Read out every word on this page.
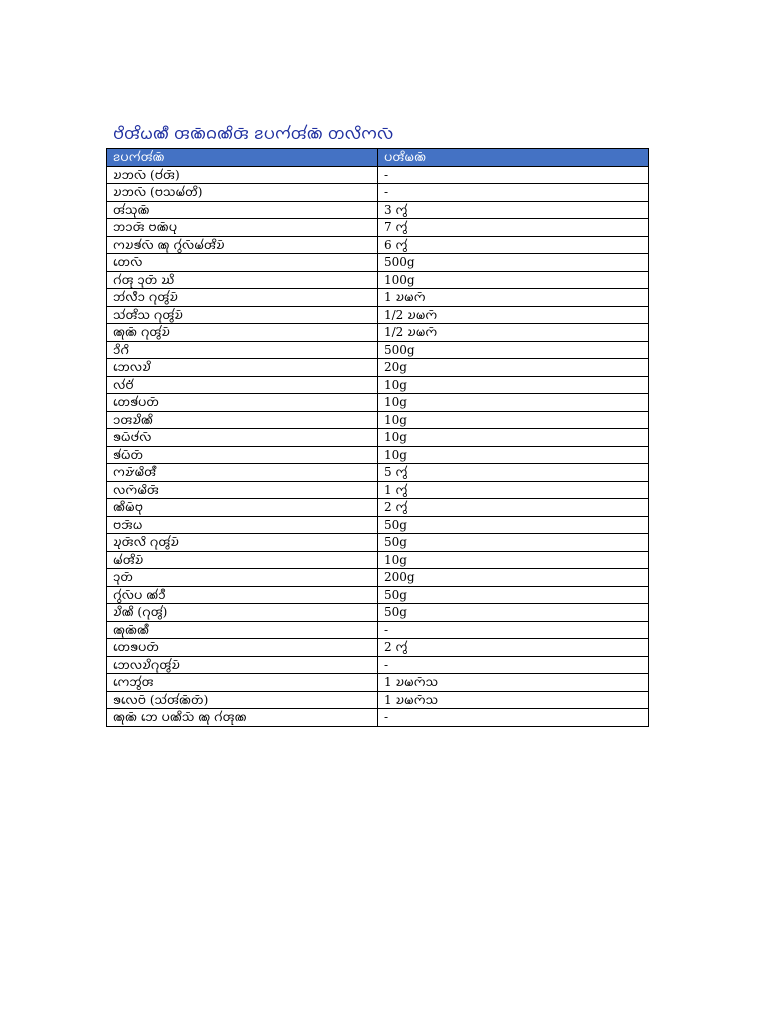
𑄝𑄨𑄢𑄨𑄠𑄚𑄩 𑄢𑄚𑄴𑄙𑄚𑄨𑄢𑄴 𑄅𑄛𑄇𑄧𑄢𑄧𑄚𑄴 𑄖𑄣𑄨𑄇𑄣𑄴
𑄅𑄛𑄇𑄧𑄢𑄧𑄚𑄴	𑄛𑄢𑄨𑄟𑄚𑄴
𑄌𑄃𑄣𑄴 (𑄝𑄧𑄢𑄴)	-
𑄌𑄃𑄣𑄴 (𑄝𑄥𑄟𑄧𑄖𑄨)	-
𑄢𑄧𑄥𑄪𑄚𑄴	3 𑄇𑄮
𑄃𑄘𑄢𑄴 𑄝𑄚𑄴𑄛𑄪	7 𑄇𑄮
𑄇𑄌𑄎𑄧𑄣𑄴 𑄚𑄪 𑄉𑄮𑄣𑄴𑄟𑄧𑄢𑄨𑄌𑄴	6 𑄇𑄮
𑄖𑄬𑄣𑄴	500g
𑄉𑄧𑄢𑄪 𑄘𑄪𑄖𑄴 𑄊𑄨	100g
𑄃𑄧𑄣𑄩𑄘 𑄉𑄪𑄢𑄮𑄌𑄴	1 𑄌𑄟𑄇𑄴
𑄥𑄧𑄢𑄨𑄥 𑄉𑄪𑄢𑄮𑄌𑄴	1/2 𑄌𑄟𑄇𑄴
𑄚𑄪𑄚𑄴 𑄉𑄪𑄢𑄮𑄌𑄴	1/2 𑄌𑄟𑄇𑄴
𑄘𑄨𑄉𑄨	500g
𑄃𑄬𑄣𑄌𑄨	20g
𑄣𑄧𑄝𑄧𑄁	10g
𑄖𑄬𑄎𑄧𑄛𑄖𑄴	10g
𑄘𑄢𑄌𑄨𑄚𑄨	10g
𑄎𑄠𑄴𑄜𑄧𑄣𑄴	10g
𑄎𑄧𑄠𑄴𑄖𑄴	10g
𑄇𑄏𑄴𑄟𑄨𑄢𑄩	5 𑄇𑄮
𑄣𑄇𑄴𑄟𑄨𑄢𑄴	1 𑄇𑄮
𑄚𑄨𑄟𑄴𑄝𑄪	2 𑄇𑄮
𑄝𑄞𑄴𑄠	50g
𑄌𑄪𑄢𑄴𑄣𑄨 𑄉𑄪𑄢𑄮𑄌𑄴	50g
𑄟𑄧𑄢𑄨𑄌𑄴	10g
𑄘𑄪𑄖𑄴	200g
𑄉𑄮𑄣𑄴𑄛 𑄚𑄧𑄘𑄩	50g
𑄌𑄨𑄚𑄨 (𑄉𑄪𑄢𑄮)	50g
𑄚𑄪𑄚𑄴𑄚𑄩	-
𑄖𑄬𑄎𑄛𑄖𑄴	2 𑄇𑄮
𑄃𑄬𑄣𑄌𑄨𑄉𑄪𑄢𑄮𑄌𑄴	-
𑄇𑄬𑄃𑄮𑄢	1 𑄌𑄟𑄇𑄴𑄥
𑄎𑄣𑄬𑄝𑄴 (𑄥𑄧𑄢𑄧𑄚𑄴𑄖𑄴)	1 𑄌𑄟𑄇𑄴𑄥
𑄚𑄪𑄚𑄴 𑄃𑄬 𑄛𑄚𑄨𑄥𑄴 𑄚𑄪 𑄉𑄧𑄢𑄪𑄚	-
